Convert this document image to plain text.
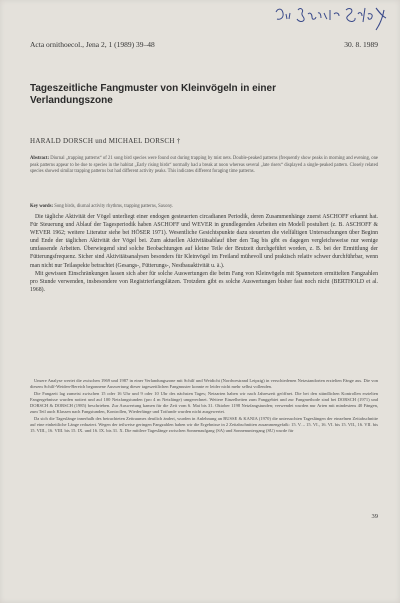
Acta ornithoecol., Jena 2, 1 (1989) 39–48	30. 8. 1989
Tageszeitliche Fangmuster von Kleinvögeln in einer Verlandungszone
HARALD DORSCH und MICHAEL DORSCH †
Abstract: Diurnal „trapping patterns“ of 21 song bird species were found out during trapping by mist nets. Double-peaked patterns (frequently show peaks in morning and evening, one peak patterns appear to be due to species in the habitat „Early rising birds“ normally had a break at noon whereas several „late risers“ displayed a single-peaked pattern. Closely related species showed similar trapping patterns but had different activity peaks. This indicates different foraging time patterns.
Key words: Song birds, diurnal activity rhythms, trapping patterns, Saxony.

Die tägliche Aktivität der Vögel unterliegt einer endogen gesteuerten circadianen Periodik, deren Zusammenhänge zuerst ASCHOFF erkannt hat. Für Steuerung und Ablauf der Tagesperiodik haben ASCHOFF und WEVER in grundlegenden Arbeiten ein Modell postuliert (z. B. ASCHOFF & WEVER 1962; weitere Literatur siehe bei HÖSER 1971). Wesentliche Gesichtspunkte dazu steuerten die vielfältigen Untersuchungen über Beginn und Ende der täglichen Aktivität der Vögel bei. Zum aktuellen Aktivitätsablauf über den Tag bis gibt es dagegen vergleichsweise nur wenige umfassende Arbeiten. Überwiegend sind solche Beobachtungen auf kleine Teile der Brutzeit durchgeführt worden, z. B. bei der Ermittlung der Fütterungsfrequenz. Sicher sind Aktivitätsanalysen besonders für Kleinvögel im Freiland mühevoll und praktisch relativ schwer durchführbar, wenn man nicht nur Teilaspekte betrachtet (Gesangs-, Fütterungs-, Nestbauaktivität u. ä.).

Mit gewissen Einschränkungen lassen sich aber für solche Auswertungen die beim Fang von Kleinvögeln mit Spannetzen ermittelten Fangzahlen pro Stunde verwenden, insbesondere von Registrierfangplätzen. Trotzdem gibt es solche Auswertungen bisher fast noch nicht (BERTHOLD et al. 1968).

Unsere Analyse wertet die zwischen 1969 und 1987 in einer Verlandungszone mit Schilf und Weidicht (Nordwestrand Leipzig) in verschiedenen Netzstandorten erzielten Fänge aus. Die von diesem Schilf-Weiden-Bereich begonnene Auswertung dieser tageszeitlichen Fangmuster konnte er leider nicht mehr selbst vollenden.

Die Fangzeit lag zumeist zwischen 15 oder 16 Uhr und 9 oder 10 Uhr des nächsten Tages; Netzarten haben wir nach Jahreszeit geöffnet. Die bei den stündlichen Kontrollen erzielten Fangergebnisse wurden notiert und auf 100 Netzfangstunden (pro 4 m Netzlänge) umgerechnet. Weitere Einzelheiten zum Fanggebiet und zur Fangmethode sind bei DORSCH (1971) und DORSCH & DORSCH (1985) beschrieben. Zur Auswertung kamen für die Zeit vom 6. Mai bis 31. Oktober 1198 Netzfangstunden; verwendet wurden nur Arten mit mindestens 40 Fängen, zum Teil auch Klassen nach Fangstunden, Kontrollen, Wiederfänge und Totfunde wurden nicht ausgewertet.

Da sich die Tageslänge innerhalb des betrachteten Zeitraumes deutlich ändert, wurden in Anlehnung an BUSSE & KANIA (1970) die untersuchten Tageslängen der einzelnen Zeitabschnitte auf eine einheitliche Länge reduziert. Wegen der teilweise geringen Fangzahlen haben wir die Ergebnisse in 2 Zeitabschnitten zusammengefaßt: 15. V. – 15. VI., 16. VI. bis 15. VII., 16. VII. bis 15. VIII., 16. VIII. bis 15. IX. und 16. IX. bis 31. X. Die mittlere Tageslänge zwischen Sonnenaufgang (SA) und Sonnenuntergang (SU) wurde für

39
